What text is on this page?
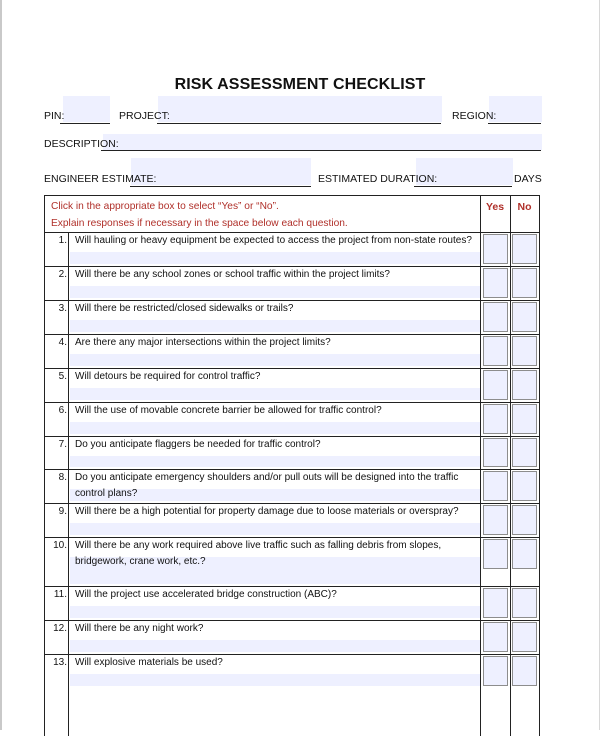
RISK ASSESSMENT CHECKLIST
PIN:	PROJECT:	REGION:
DESCRIPTION:
ENGINEER ESTIMATE:	ESTIMATED DURATION:	DAYS
Click in the appropriate box to select “Yes” or “No”.
Explain responses if necessary in the space below each question.
Yes	No
1. Will hauling or heavy equipment be expected to access the project from non-state routes?
2. Will there be any school zones or school traffic within the project limits?
3. Will there be restricted/closed sidewalks or trails?
4. Are there any major intersections within the project limits?
5. Will detours be required for control traffic?
6. Will the use of movable concrete barrier be allowed for traffic control?
7. Do you anticipate flaggers be needed for traffic control?
8. Do you anticipate emergency shoulders and/or pull outs will be designed into the traffic control plans?
9. Will there be a high potential for property damage due to loose materials or overspray?
10. Will there be any work required above live traffic such as falling debris from slopes, bridgework, crane work, etc.?
11. Will the project use accelerated bridge construction (ABC)?
12. Will there be any night work?
13. Will explosive materials be used?
